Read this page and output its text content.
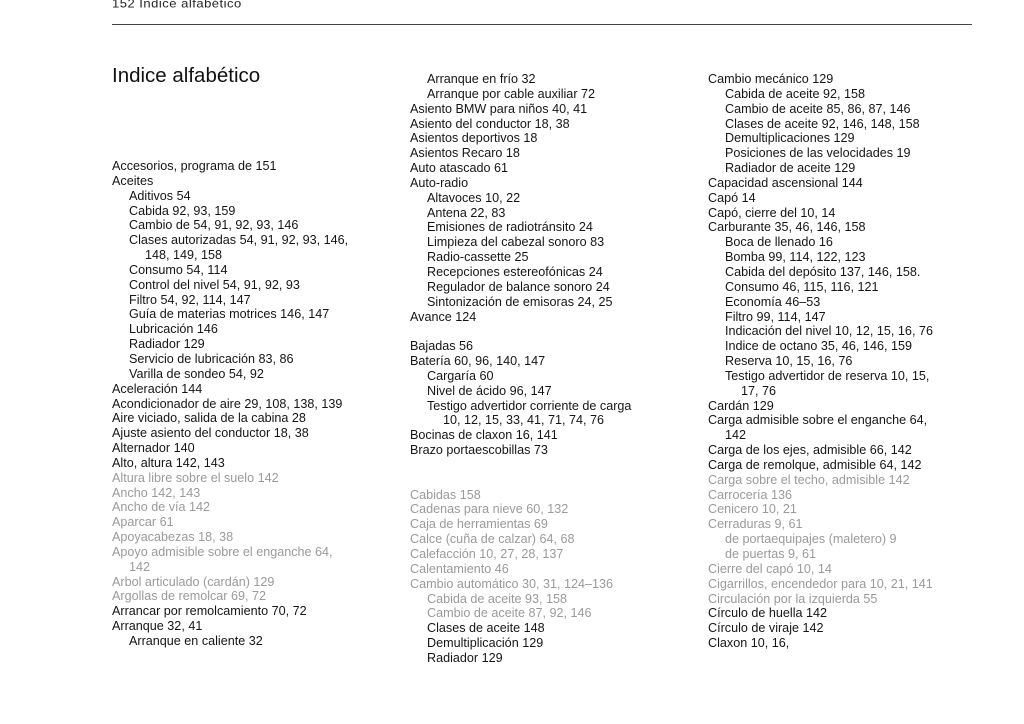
152 Indice alfabético
Indice alfabético
Accesorios, programa de 151
Aceites
Aditivos 54
Cabida 92, 93, 159
Cambio de 54, 91, 92, 93, 146
Clases autorizadas 54, 91, 92, 93, 146,
148, 149, 158
Consumo 54, 114
Control del nivel 54, 91, 92, 93
Filtro 54, 92, 114, 147
Guía de materias motrices 146, 147
Lubricación 146
Radiador 129
Servicio de lubricación 83, 86
Varilla de sondeo 54, 92
Aceleración 144
Acondicionador de aire 29, 108, 138, 139
Aire viciado, salida de la cabina 28
Ajuste asiento del conductor 18, 38
Alternador 140
Alto, altura 142, 143
Altura libre sobre el suelo 142
Ancho 142, 143
Ancho de vía 142
Aparcar 61
Apoyacabezas 18, 38
Apoyo admisible sobre el enganche 64,
142
Arbol articulado (cardán) 129
Argollas de remolcar 69, 72
Arrancar por remolcamiento 70, 72
Arranque 32, 41
Arranque en caliente 32
Arranque en frío 32
Arranque por cable auxiliar 72
Asiento BMW para niños 40, 41
Asiento del conductor 18, 38
Asientos deportivos 18
Asientos Recaro 18
Auto atascado 61
Auto-radio
Altavoces 10, 22
Antena 22, 83
Emisiones de radiotránsito 24
Limpieza del cabezal sonoro 83
Radio-cassette 25
Recepciones estereofónicas 24
Regulador de balance sonoro 24
Sintonización de emisoras 24, 25
Avance 124
Bajadas 56
Batería 60, 96, 140, 147
Cargaría 60
Nivel de ácido 96, 147
Testigo advertidor corriente de carga
10, 12, 15, 33, 41, 71, 74, 76
Bocinas de claxon 16, 141
Brazo portaescobillas 73
Cabidas 158
Cadenas para nieve 60, 132
Caja de herramientas 69
Calce (cuña de calzar) 64, 68
Calefacción 10, 27, 28, 137
Calentamiento 46
Cambio automático 30, 31, 124–136
Cabida de aceite 93, 158
Cambio de aceite 87, 92, 146
Clases de aceite 148
Demultiplicación 129
Radiador 129
Cambio mecánico 129
Cabida de aceite 92, 158
Cambio de aceite 85, 86, 87, 146
Clases de aceite 92, 146, 148, 158
Demultiplicaciones 129
Posiciones de las velocidades 19
Radiador de aceite 129
Capacidad ascensional 144
Capó 14
Capó, cierre del 10, 14
Carburante 35, 46, 146, 158
Boca de llenado 16
Bomba 99, 114, 122, 123
Cabida del depósito 137, 146, 158.
Consumo 46, 115, 116, 121
Economía 46–53
Filtro 99, 114, 147
Indicación del nivel 10, 12, 15, 16, 76
Indice de octano 35, 46, 146, 159
Reserva 10, 15, 16, 76
Testigo advertidor de reserva 10, 15,
17, 76
Cardán 129
Carga admisible sobre el enganche 64,
142
Carga de los ejes, admisible 66, 142
Carga de remolque, admisible 64, 142
Carga sobre el techo, admisible 142
Carrocería 136
Cenicero 10, 21
Cerraduras 9, 61
de portaequipajes (maletero) 9
de puertas 9, 61
Cierre del capó 10, 14
Cigarrillos, encendedor para 10, 21, 141
Circulación por la izquierda 55
Círculo de huella 142
Círculo de viraje 142
Claxon 10, 16,
